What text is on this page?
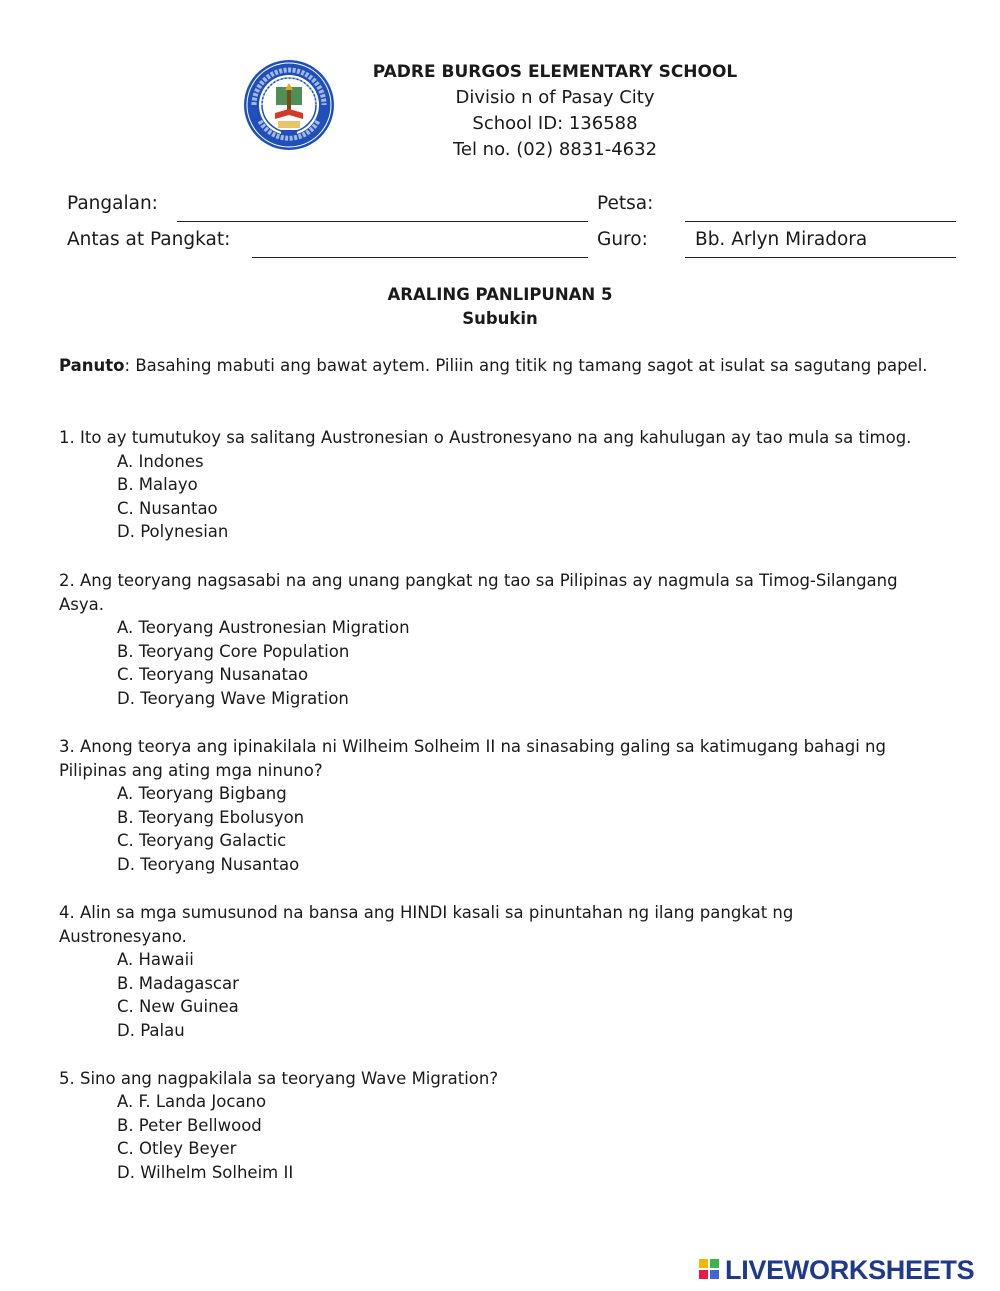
PADRE BURGOS ELEMENTARY SCHOOL
Divisio n of Pasay City
School ID: 136588
Tel no. (02) 8831-4632
Pangalan:	Petsa:
Antas at Pangkat:	Guro:	Bb. Arlyn Miradora
ARALING PANLIPUNAN 5
Subukin
Panuto: Basahing mabuti ang bawat aytem. Piliin ang titik ng tamang sagot at isulat sa sagutang papel.
1. Ito ay tumutukoy sa salitang Austronesian o Austronesyano na ang kahulugan ay tao mula sa timog.
A. Indones
B. Malayo
C. Nusantao
D. Polynesian
2. Ang teoryang nagsasabi na ang unang pangkat ng tao sa Pilipinas ay nagmula sa Timog-Silangang Asya.
A. Teoryang Austronesian Migration
B. Teoryang Core Population
C. Teoryang Nusanatao
D. Teoryang Wave Migration
3. Anong teorya ang ipinakilala ni Wilheim Solheim II na sinasabing galing sa katimugang bahagi ng Pilipinas ang ating mga ninuno?
A. Teoryang Bigbang
B. Teoryang Ebolusyon
C. Teoryang Galactic
D. Teoryang Nusantao
4. Alin sa mga sumusunod na bansa ang HINDI kasali sa pinuntahan ng ilang pangkat ng Austronesyano.
A. Hawaii
B. Madagascar
C. New Guinea
D. Palau
5. Sino ang nagpakilala sa teoryang Wave Migration?
A. F. Landa Jocano
B. Peter Bellwood
C. Otley Beyer
D. Wilhelm Solheim II
LIVEWORKSHEETS
